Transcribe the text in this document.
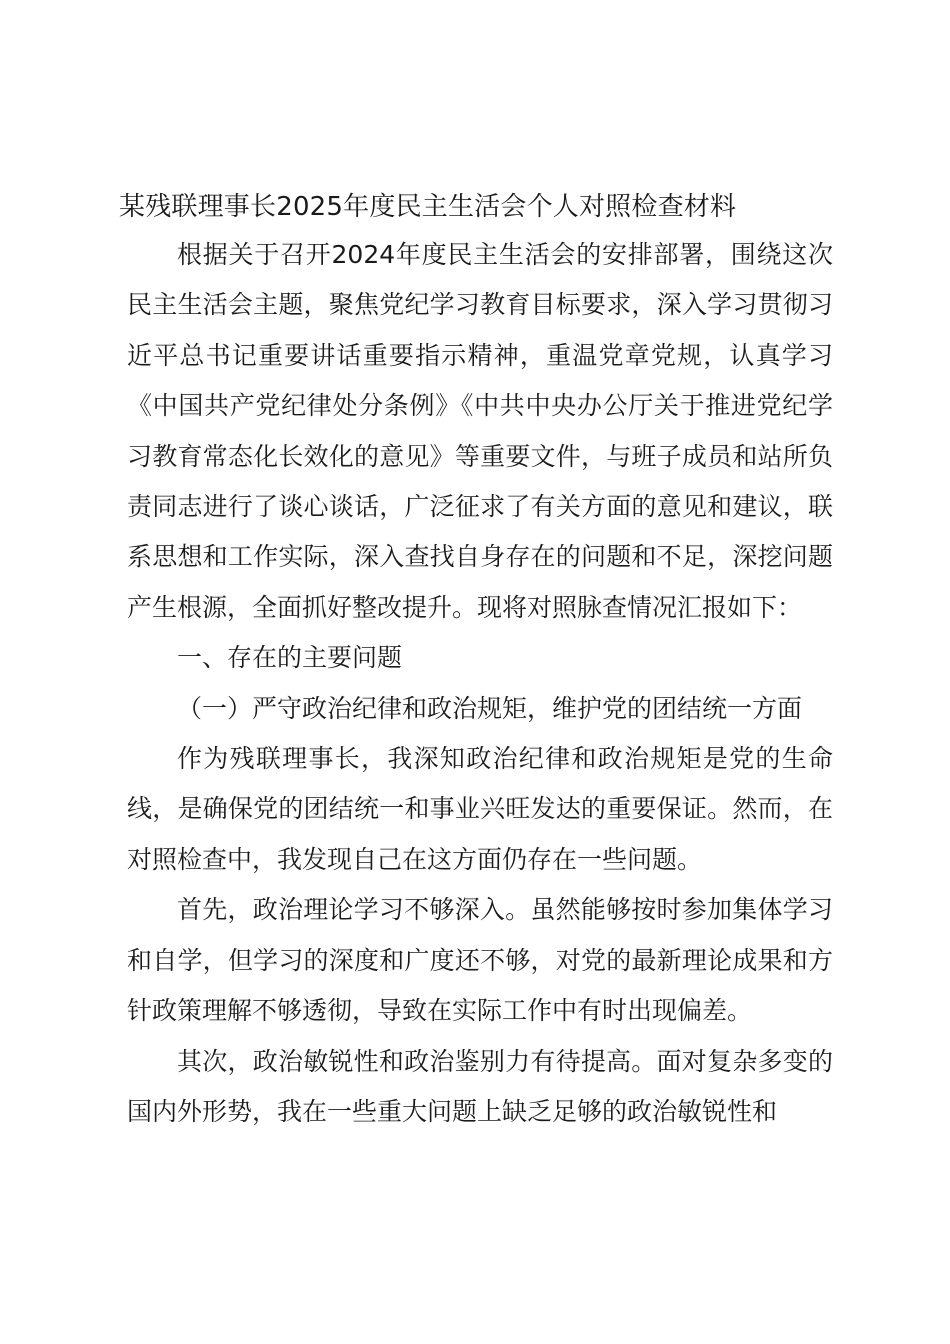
某残联理事长2025年度民主生活会个人对照检查材料

根据关于召开2024年度民主生活会的安排部署，围绕这次民主生活会主题，聚焦党纪学习教育目标要求，深入学习贯彻习近平总书记重要讲话重要指示精神，重温党章党规，认真学习《中国共产党纪律处分条例》《中共中央办公厅关于推进党纪学习教育常态化长效化的意见》等重要文件，与班子成员和站所负责同志进行了谈心谈话，广泛征求了有关方面的意见和建议，联系思想和工作实际，深入查找自身存在的问题和不足，深挖问题产生根源，全面抓好整改提升。现将对照脉查情况汇报如下：

一、存在的主要问题

（一）严守政治纪律和政治规矩，维护党的团结统一方面

作为残联理事长，我深知政治纪律和政治规矩是党的生命线，是确保党的团结统一和事业兴旺发达的重要保证。然而，在对照检查中，我发现自己在这方面仍存在一些问题。

首先，政治理论学习不够深入。虽然能够按时参加集体学习和自学，但学习的深度和广度还不够，对党的最新理论成果和方针政策理解不够透彻，导致在实际工作中有时出现偏差。

其次，政治敏锐性和政治鉴别力有待提高。面对复杂多变的国内外形势，我在一些重大问题上缺乏足够的政治敏锐性和
